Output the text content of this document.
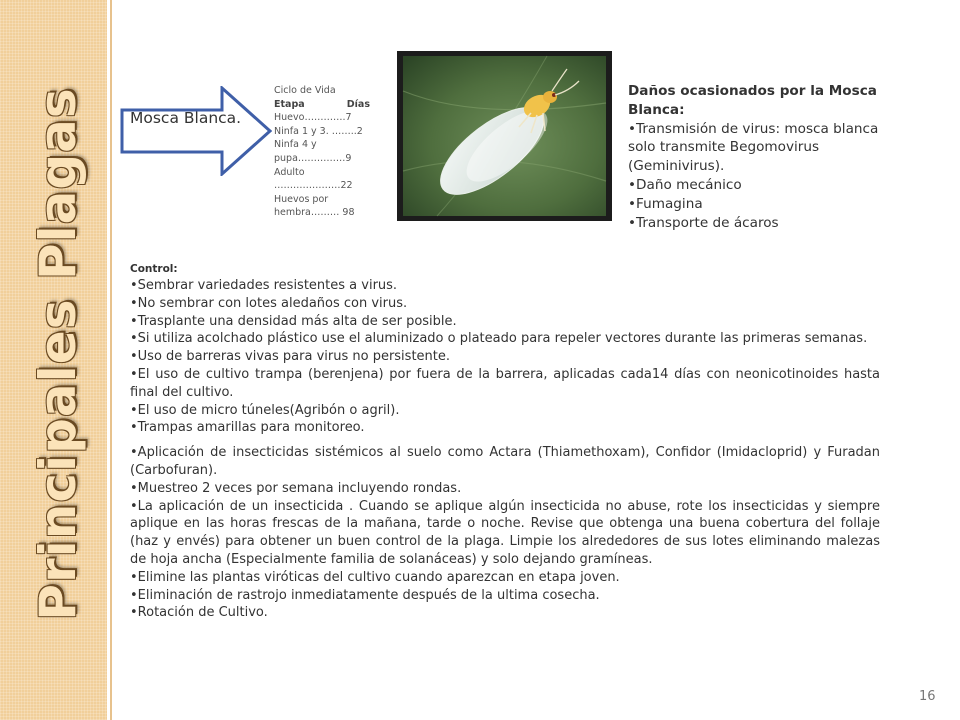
Principales Plagas	Mosca Blanca.
Ciclo de Vida
Etapa	Días
Huevo………….7
Ninfa 1 y 3. ……..2
Ninfa 4 y
pupa……………9
Adulto
…………………22
Huevos por
hembra……… 98
Daños ocasionados por la Mosca Blanca:
• Transmisión de virus: mosca blanca solo transmite Begomovirus (Geminivirus).
• Daño mecánico
• Fumagina
• Transporte de ácaros
Control:
• Sembrar variedades resistentes a virus.
• No sembrar con lotes aledaños con virus.
• Trasplante una densidad más alta de ser posible.
• Si utiliza acolchado plástico use el aluminizado o plateado para repeler vectores durante las primeras semanas.
• Uso de barreras vivas para virus no persistente.
• El uso de cultivo trampa (berenjena) por fuera de la barrera, aplicadas cada14 días con neonicotinoides hasta final del cultivo.
• El uso de micro túneles(Agribón o agril).
• Trampas amarillas para monitoreo.
• Aplicación de insecticidas sistémicos al suelo como Actara (Thiamethoxam), Confidor (Imidacloprid) y Furadan (Carbofuran).
• Muestreo 2 veces por semana incluyendo rondas.
• La aplicación de un insecticida . Cuando se aplique algún insecticida no abuse, rote los insecticidas y siempre aplique en las horas frescas de la mañana, tarde o noche. Revise que obtenga una buena cobertura del follaje (haz y envés) para obtener un buen control de la plaga. Limpie los alrededores de sus lotes eliminando malezas de hoja ancha (Especialmente familia de solanáceas) y solo dejando gramíneas.
• Elimine las plantas viróticas del cultivo cuando aparezcan en etapa joven.
• Eliminación de rastrojo inmediatamente después de la ultima cosecha.
• Rotación de Cultivo.
16
